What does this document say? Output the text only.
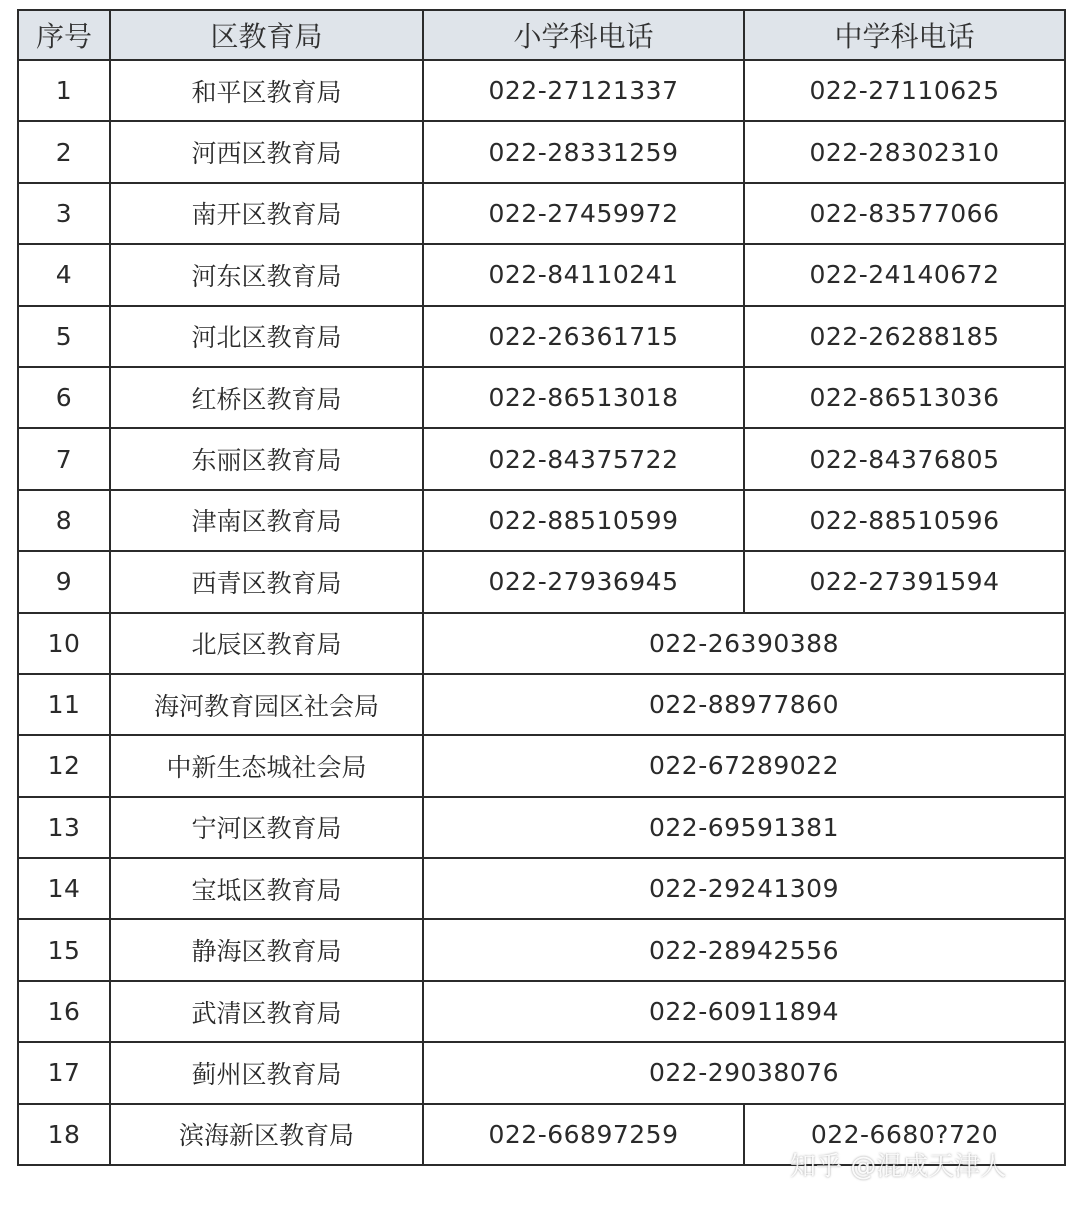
序号	区教育局	小学科电话	中学科电话
1	和平区教育局	022-27121337	022-27110625
2	河西区教育局	022-28331259	022-28302310
3	南开区教育局	022-27459972	022-83577066
4	河东区教育局	022-84110241	022-24140672
5	河北区教育局	022-26361715	022-26288185
6	红桥区教育局	022-86513018	022-86513036
7	东丽区教育局	022-84375722	022-84376805
8	津南区教育局	022-88510599	022-88510596
9	西青区教育局	022-27936945	022-27391594
10	北辰区教育局	022-26390388	
11	海河教育园区社会局	022-88977860	
12	中新生态城社会局	022-67289022	
13	宁河区教育局	022-69591381	
14	宝坻区教育局	022-29241309	
15	静海区教育局	022-28942556	
16	武清区教育局	022-60911894	
17	蓟州区教育局	022-29038076	
18	滨海新区教育局	022-66897259	022-6680?720
知乎 @混成天津人
